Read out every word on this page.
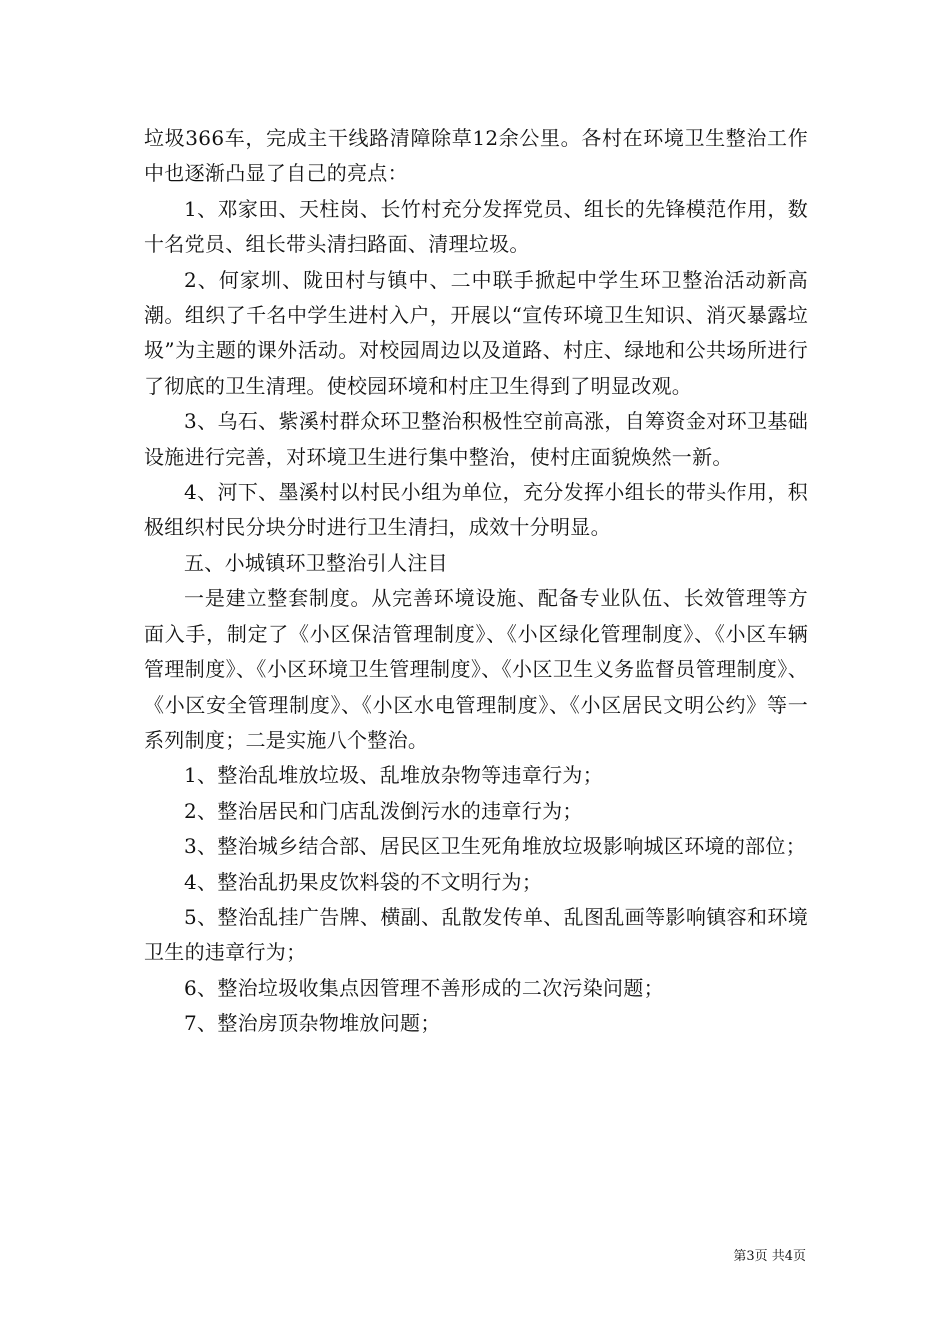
垃圾366车，完成主干线路清障除草12余公里。各村在环境卫生整治工作中也逐渐凸显了自己的亮点：

1、邓家田、天柱岗、长竹村充分发挥党员、组长的先锋模范作用，数十名党员、组长带头清扫路面、清理垃圾。

2、何家圳、陇田村与镇中、二中联手掀起中学生环卫整治活动新高潮。组织了千名中学生进村入户，开展以“宣传环境卫生知识、消灭暴露垃圾”为主题的课外活动。对校园周边以及道路、村庄、绿地和公共场所进行了彻底的卫生清理。使校园环境和村庄卫生得到了明显改观。

3、乌石、紫溪村群众环卫整治积极性空前高涨，自筹资金对环卫基础设施进行完善，对环境卫生进行集中整治，使村庄面貌焕然一新。

4、河下、墨溪村以村民小组为单位，充分发挥小组长的带头作用，积极组织村民分块分时进行卫生清扫，成效十分明显。

五、小城镇环卫整治引人注目

一是建立整套制度。从完善环境设施、配备专业队伍、长效管理等方面入手，制定了《小区保洁管理制度》、《小区绿化管理制度》、《小区车辆管理制度》、《小区环境卫生管理制度》、《小区卫生义务监督员管理制度》、《小区安全管理制度》、《小区水电管理制度》、《小区居民文明公约》等一系列制度；二是实施八个整治。

1、整治乱堆放垃圾、乱堆放杂物等违章行为；

2、整治居民和门店乱泼倒污水的违章行为；

3、整治城乡结合部、居民区卫生死角堆放垃圾影响城区环境的部位；

4、整治乱扔果皮饮料袋的不文明行为；

5、整治乱挂广告牌、横副、乱散发传单、乱图乱画等影响镇容和环境卫生的违章行为；

6、整治垃圾收集点因管理不善形成的二次污染问题；

7、整治房顶杂物堆放问题；

第3页 共4页
